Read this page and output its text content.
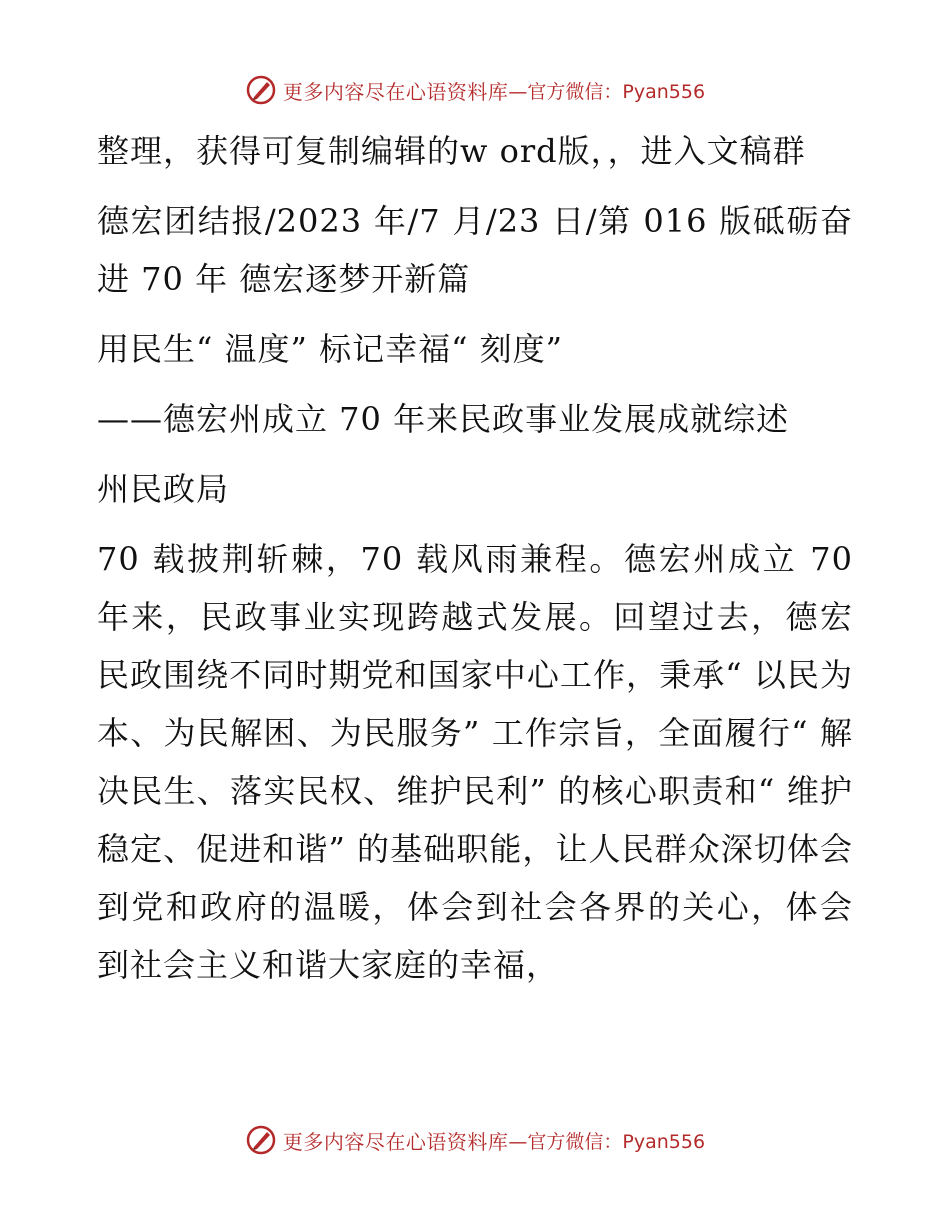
更多内容尽在心语资料库 —官方微信：Pyan556

整理，获得可复制编辑的w ord版，，进入文稿群

德宏团结报/2023 年/7 月/23 日/第 016 版砥砺奋进 70 年 德宏逐梦开新篇

用民生“ 温度” 标记幸福“ 刻度”

——德宏州成立 70 年来民政事业发展成就综述

州民政局

70 载披荆斩棘，70 载风雨兼程。德宏州成立 70 年来，民政事业实现跨越式发展。回望过去，德宏民政围绕不同时期党和国家中心工作，秉承“ 以民为本、为民解困、为民服务” 工作宗旨，全面履行“ 解决民生、落实民权、维护民利” 的核心职责和“ 维护稳定、促进和谐” 的基础职能，让人民群众深切体会到党和政府的温暖，体会到社会各界的关心，体会到社会主义和谐大家庭的幸福，

更多内容尽在心语资料库 —官方微信：Pyan556
